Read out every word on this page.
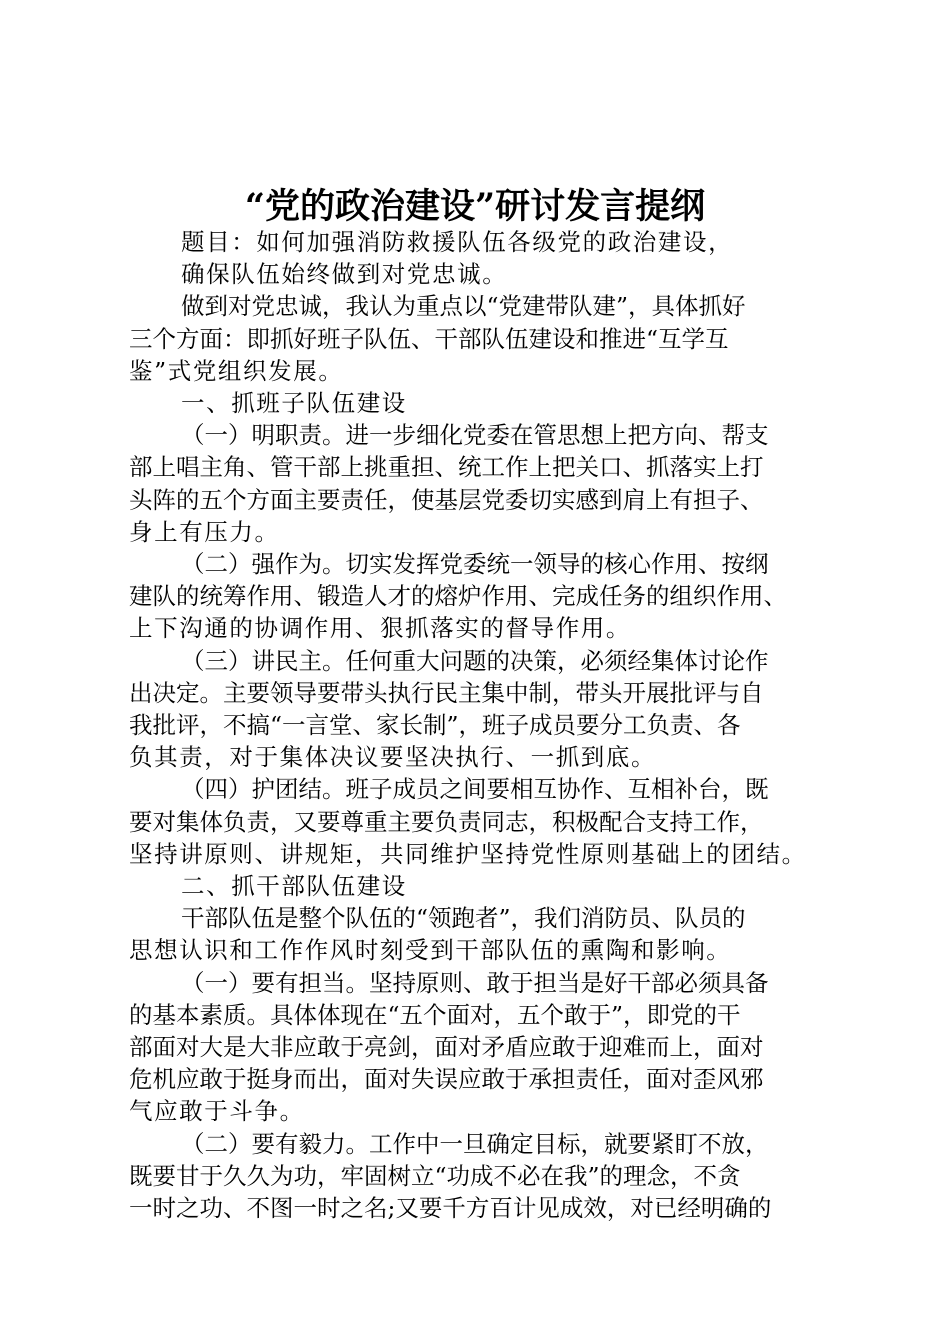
“党的政治建设”研讨发言提纲
题目：如何加强消防救援队伍各级党的政治建设，
确保队伍始终做到对党忠诚。
做到对党忠诚，我认为重点以“党建带队建”，具体抓好
三个方面：即抓好班子队伍、干部队伍建设和推进“互学互
鉴”式党组织发展。
一、抓班子队伍建设
（一）明职责。进一步细化党委在管思想上把方向、帮支
部上唱主角、管干部上挑重担、统工作上把关口、抓落实上打
头阵的五个方面主要责任，使基层党委切实感到肩上有担子、
身上有压力。
（二）强作为。切实发挥党委统一领导的核心作用、按纲
建队的统筹作用、锻造人才的熔炉作用、完成任务的组织作用、
上下沟通的协调作用、狠抓落实的督导作用。
（三）讲民主。任何重大问题的决策，必须经集体讨论作
出决定。主要领导要带头执行民主集中制，带头开展批评与自
我批评，不搞“一言堂、家长制”，班子成员要分工负责、各
负其责，对于集体决议要坚决执行、一抓到底。
（四）护团结。班子成员之间要相互协作、互相补台，既
要对集体负责，又要尊重主要负责同志，积极配合支持工作，
坚持讲原则、讲规矩，共同维护坚持党性原则基础上的团结。
二、抓干部队伍建设
干部队伍是整个队伍的“领跑者”，我们消防员、队员的
思想认识和工作作风时刻受到干部队伍的熏陶和影响。
（一）要有担当。坚持原则、敢于担当是好干部必须具备
的基本素质。具体体现在“五个面对，五个敢于”，即党的干
部面对大是大非应敢于亮剑，面对矛盾应敢于迎难而上，面对
危机应敢于挺身而出，面对失误应敢于承担责任，面对歪风邪
气应敢于斗争。
（二）要有毅力。工作中一旦确定目标，就要紧盯不放，
既要甘于久久为功，牢固树立“功成不必在我”的理念，不贪
一时之功、不图一时之名;又要千方百计见成效，对已经明确的
